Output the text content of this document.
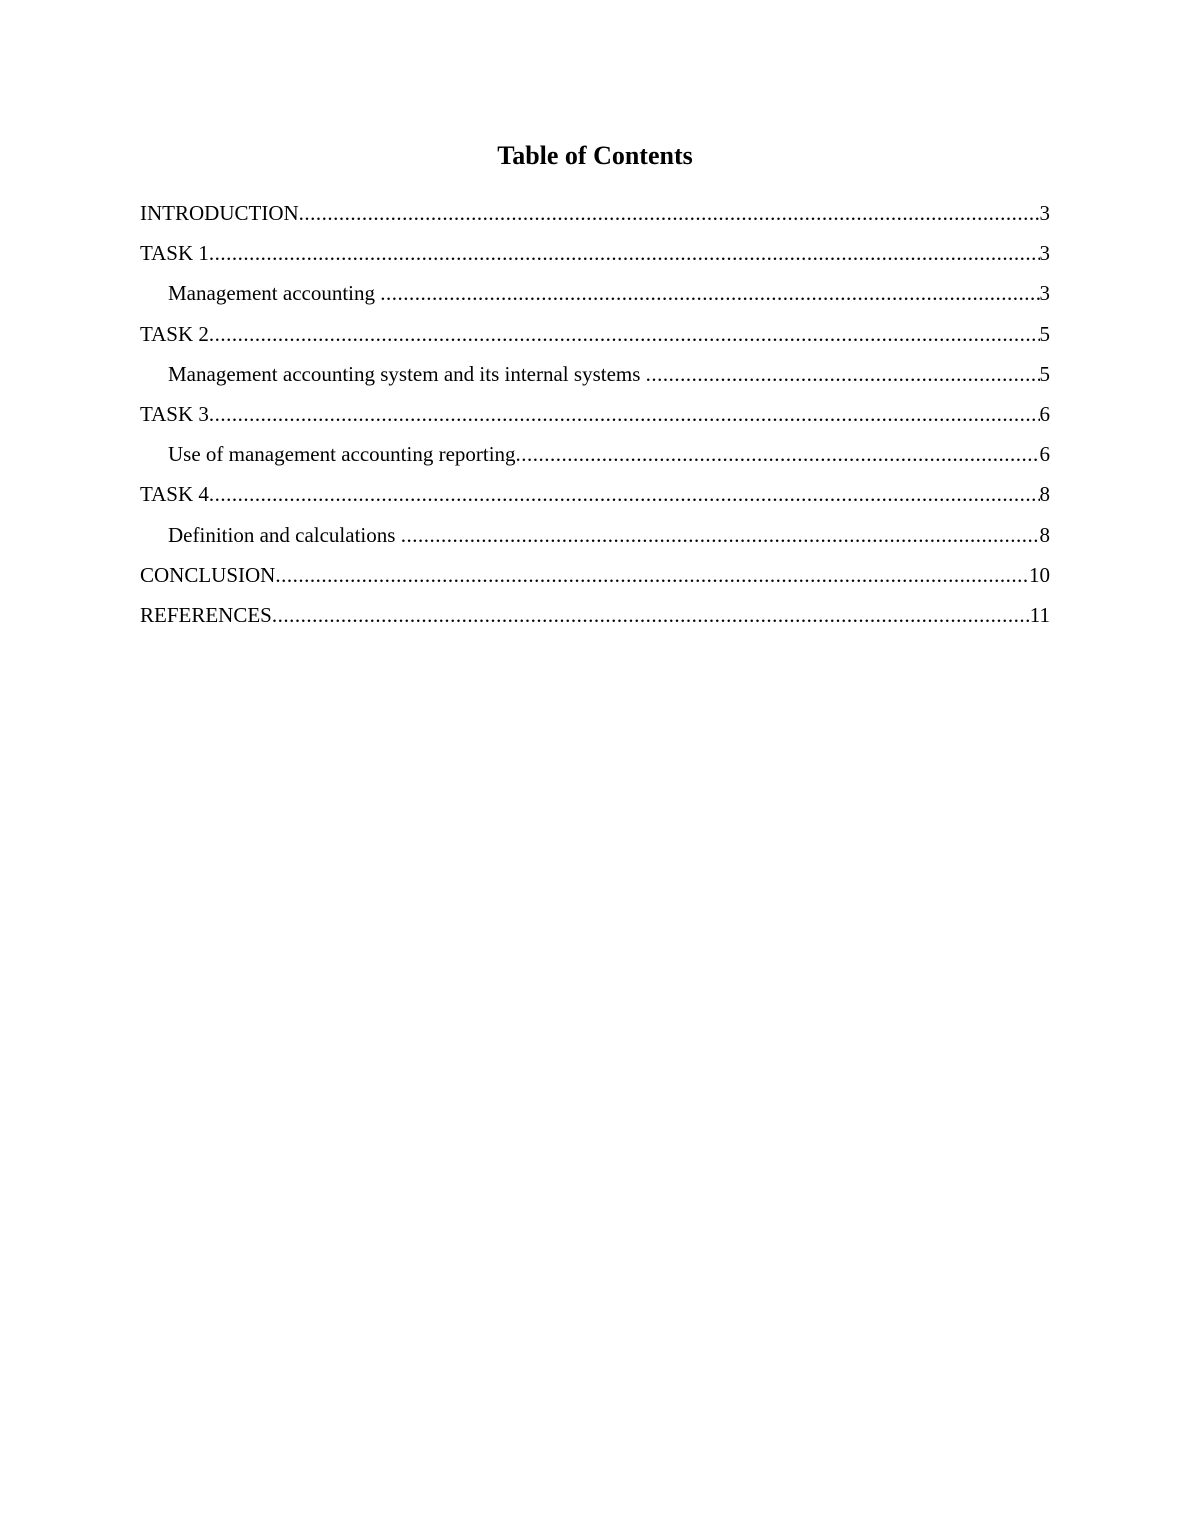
Table of Contents
INTRODUCTION .....	3
TASK 1 .....	3
Management accounting .....	3
TASK 2 .....	5
Management accounting system and its internal systems .....	5
TASK 3 .....	6
Use of management accounting reporting .....	6
TASK 4 .....	8
Definition and calculations .....	8
CONCLUSION .....	10
REFERENCES .....	11
